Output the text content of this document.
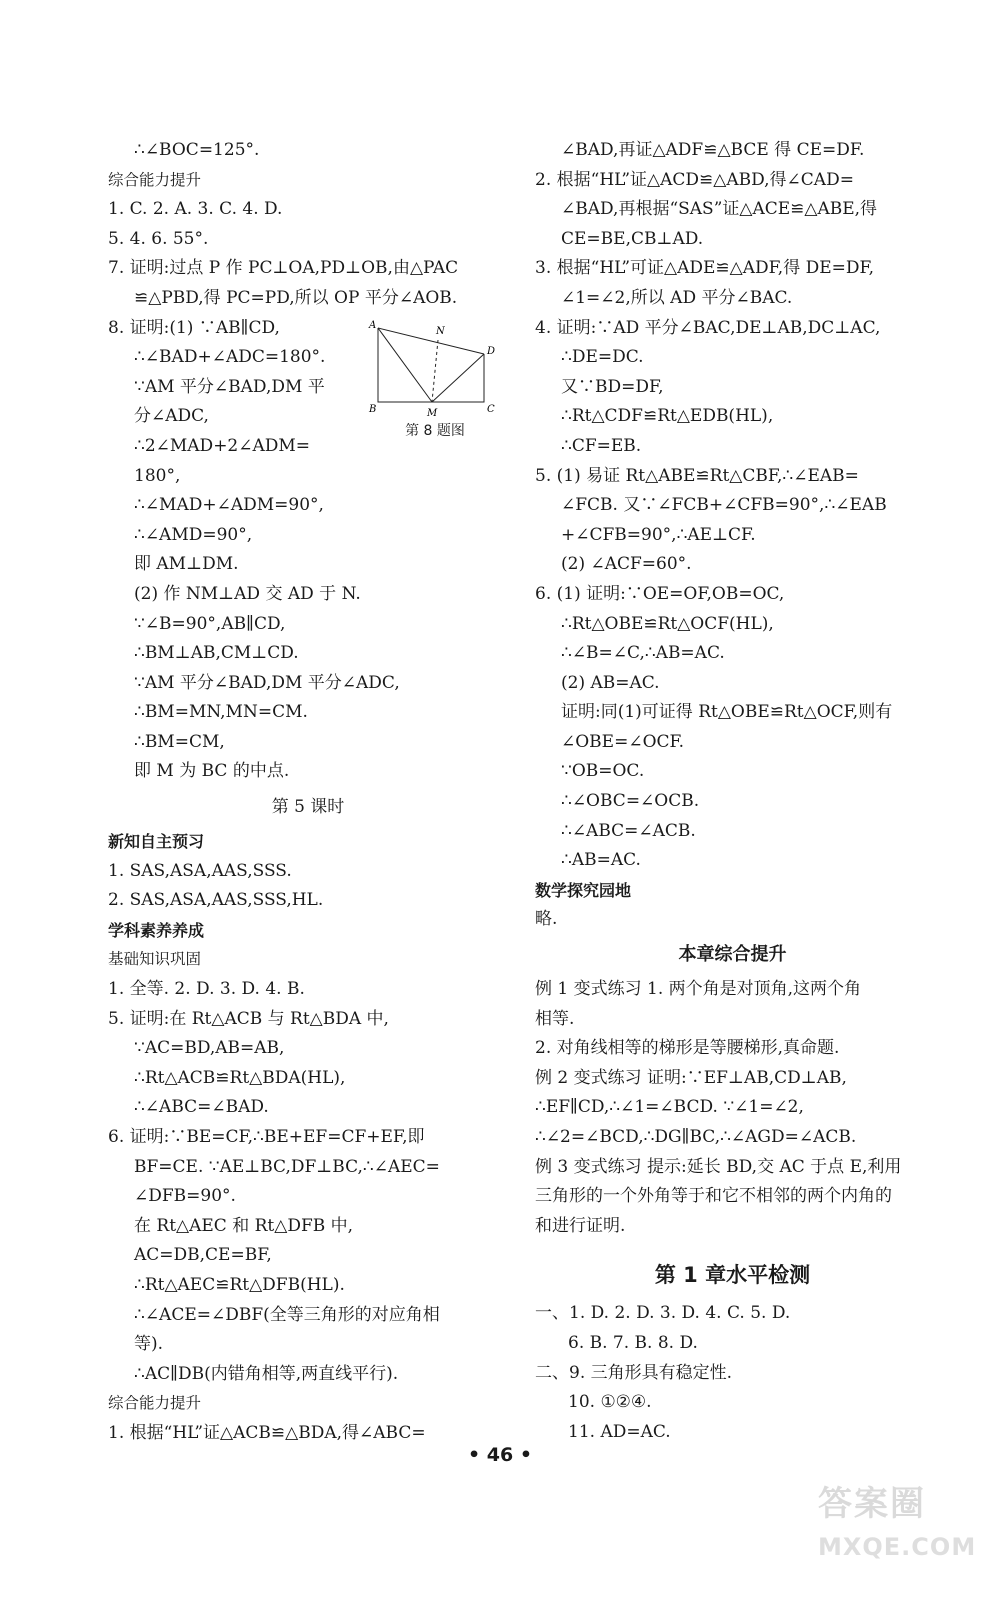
∴∠BOC=125°.
综合能力提升
1. C. 2. A. 3. C. 4. D.
5. 4. 6. 55°.
7. 证明:过点 P 作 PC⊥OA,PD⊥OB,由△PAC
≌△PBD,得 PC=PD,所以 OP 平分∠AOB.
8. 证明:(1) ∵AB∥CD,
∴∠BAD+∠ADC=180°.
∵AM 平分∠BAD,DM 平
分∠ADC,
∴2∠MAD+2∠ADM=
180°,
∴∠MAD+∠ADM=90°,
∴∠AMD=90°,
即 AM⊥DM.
(2) 作 NM⊥AD 交 AD 于 N.
∵∠B=90°,AB∥CD,
∴BM⊥AB,CM⊥CD.
∵AM 平分∠BAD,DM 平分∠ADC,
∴BM=MN,MN=CM.
∴BM=CM,
即 M 为 BC 的中点.
第 5 课时
新知自主预习
1. SAS,ASA,AAS,SSS.
2. SAS,ASA,AAS,SSS,HL.
学科素养养成
基础知识巩固
1. 全等. 2. D. 3. D. 4. B.
5. 证明:在 Rt△ACB 与 Rt△BDA 中,
∵AC=BD,AB=AB,
∴Rt△ACB≌Rt△BDA(HL),
∴∠ABC=∠BAD.
6. 证明:∵BE=CF,∴BE+EF=CF+EF,即
BF=CE. ∵AE⊥BC,DF⊥BC,∴∠AEC=
∠DFB=90°.
在 Rt△AEC 和 Rt△DFB 中,
AC=DB,CE=BF,
∴Rt△AEC≌Rt△DFB(HL).
∴∠ACE=∠DBF(全等三角形的对应角相
等).
∴AC∥DB(内错角相等,两直线平行).
综合能力提升
1. 根据“HL”证△ACB≌△BDA,得∠ABC=
A
N
D
B	M	C
第 8 题图
∠BAD,再证△ADF≌△BCE 得 CE=DF.
2. 根据“HL”证△ACD≌△ABD,得∠CAD=
∠BAD,再根据“SAS”证△ACE≌△ABE,得
CE=BE,CB⊥AD.
3. 根据“HL”可证△ADE≌△ADF,得 DE=DF,
∠1=∠2,所以 AD 平分∠BAC.
4. 证明:∵AD 平分∠BAC,DE⊥AB,DC⊥AC,
∴DE=DC.
又∵BD=DF,
∴Rt△CDF≌Rt△EDB(HL),
∴CF=EB.
5. (1) 易证 Rt△ABE≌Rt△CBF,∴∠EAB=
∠FCB. 又∵∠FCB+∠CFB=90°,∴∠EAB
+∠CFB=90°,∴AE⊥CF.
(2) ∠ACF=60°.
6. (1) 证明:∵OE=OF,OB=OC,
∴Rt△OBE≌Rt△OCF(HL),
∴∠B=∠C,∴AB=AC.
(2) AB=AC.
证明:同(1)可证得 Rt△OBE≌Rt△OCF,则有
∠OBE=∠OCF.
∵OB=OC.
∴∠OBC=∠OCB.
∴∠ABC=∠ACB.
∴AB=AC.
数学探究园地
略.
本章综合提升
例 1 变式练习 1. 两个角是对顶角,这两个角
相等.
2. 对角线相等的梯形是等腰梯形,真命题.
例 2 变式练习 证明:∵EF⊥AB,CD⊥AB,
∴EF∥CD,∴∠1=∠BCD. ∵∠1=∠2,
∴∠2=∠BCD,∴DG∥BC,∴∠AGD=∠ACB.
例 3 变式练习 提示:延长 BD,交 AC 于点 E,利用
三角形的一个外角等于和它不相邻的两个内角的
和进行证明.
第 1 章水平检测
一、1. D. 2. D. 3. D. 4. C. 5. D.
6. B. 7. B. 8. D.
二、9. 三角形具有稳定性.
10. ①②④.
11. AD=AC.
• 46 •
答案圈
MXQE.COM
